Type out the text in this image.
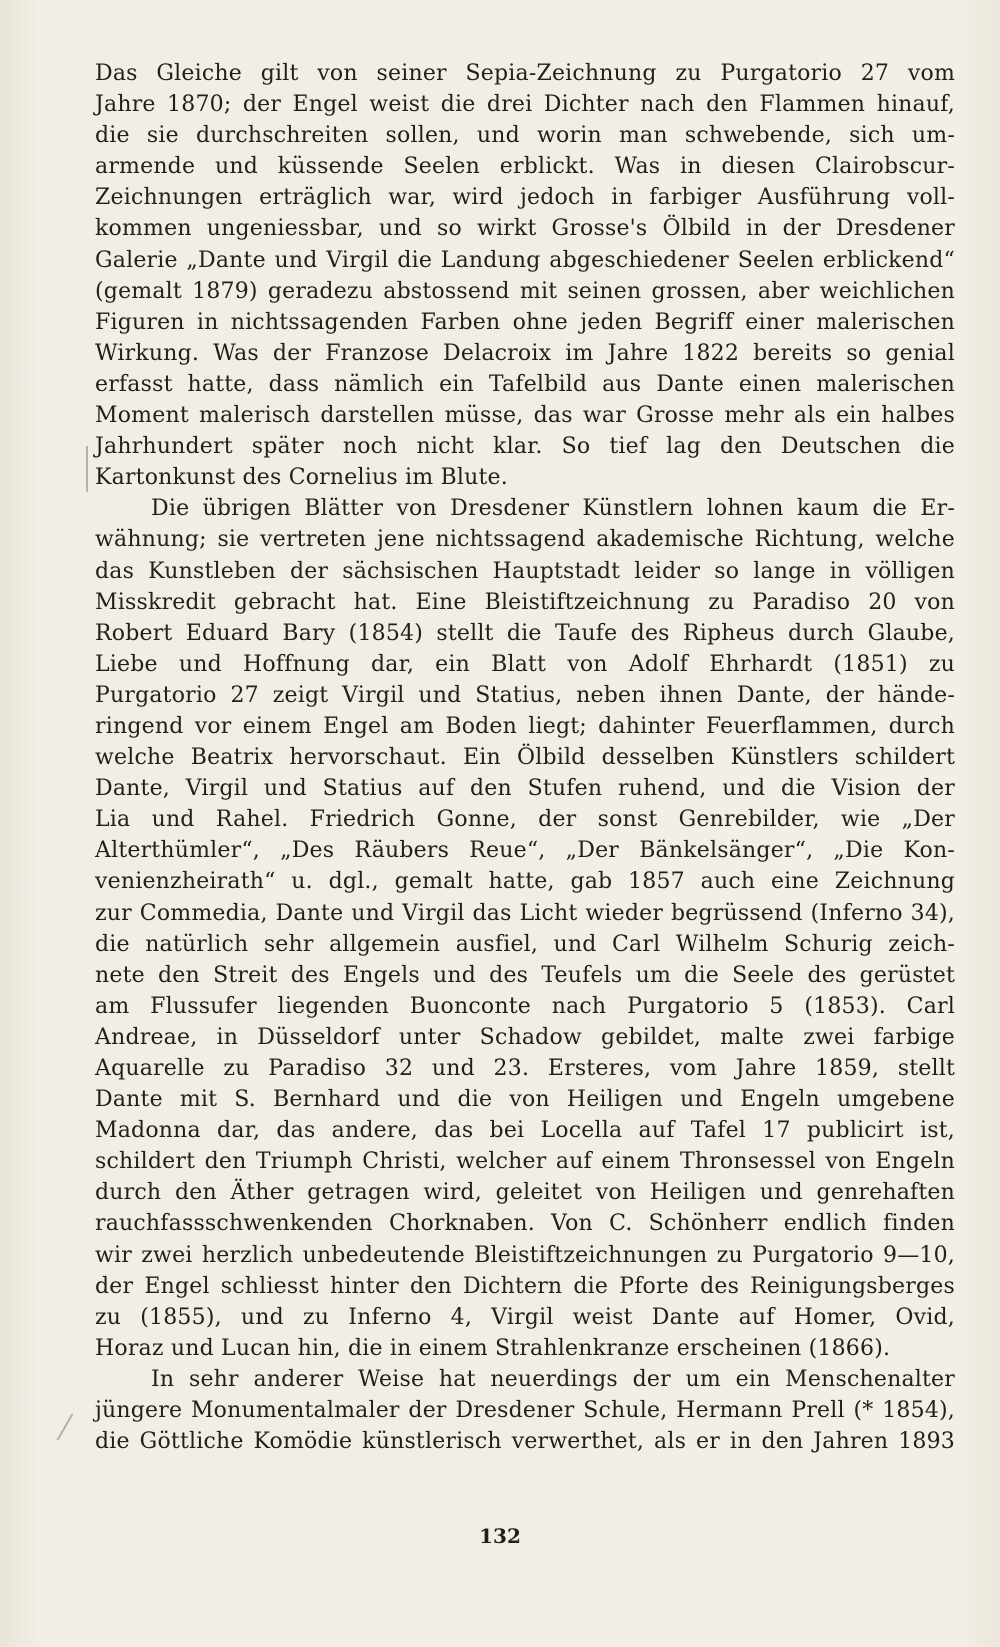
Das Gleiche gilt von seiner Sepia-Zeichnung zu Purgatorio 27 vom
Jahre 1870; der Engel weist die drei Dichter nach den Flammen hinauf,
die sie durchschreiten sollen, und worin man schwebende, sich um-
armende und küssende Seelen erblickt. Was in diesen Clairobscur-
Zeichnungen erträglich war, wird jedoch in farbiger Ausführung voll-
kommen ungeniessbar, und so wirkt Grosse's Ölbild in der Dresdener
Galerie „Dante und Virgil die Landung abgeschiedener Seelen erblickend“
(gemalt 1879) geradezu abstossend mit seinen grossen, aber weichlichen
Figuren in nichtssagenden Farben ohne jeden Begriff einer malerischen
Wirkung. Was der Franzose Delacroix im Jahre 1822 bereits so genial
erfasst hatte, dass nämlich ein Tafelbild aus Dante einen malerischen
Moment malerisch darstellen müsse, das war Grosse mehr als ein halbes
Jahrhundert später noch nicht klar. So tief lag den Deutschen die
Kartonkunst des Cornelius im Blute.
Die übrigen Blätter von Dresdener Künstlern lohnen kaum die Er-
wähnung; sie vertreten jene nichtssagend akademische Richtung, welche
das Kunstleben der sächsischen Hauptstadt leider so lange in völligen
Misskredit gebracht hat. Eine Bleistiftzeichnung zu Paradiso 20 von
Robert Eduard Bary (1854) stellt die Taufe des Ripheus durch Glaube,
Liebe und Hoffnung dar, ein Blatt von Adolf Ehrhardt (1851) zu
Purgatorio 27 zeigt Virgil und Statius, neben ihnen Dante, der hände-
ringend vor einem Engel am Boden liegt; dahinter Feuerflammen, durch
welche Beatrix hervorschaut. Ein Ölbild desselben Künstlers schildert
Dante, Virgil und Statius auf den Stufen ruhend, und die Vision der
Lia und Rahel. Friedrich Gonne, der sonst Genrebilder, wie „Der
Alterthümler“, „Des Räubers Reue“, „Der Bänkelsänger“, „Die Kon-
venienzheirath“ u. dgl., gemalt hatte, gab 1857 auch eine Zeichnung
zur Commedia, Dante und Virgil das Licht wieder begrüssend (Inferno 34),
die natürlich sehr allgemein ausfiel, und Carl Wilhelm Schurig zeich-
nete den Streit des Engels und des Teufels um die Seele des gerüstet
am Flussufer liegenden Buonconte nach Purgatorio 5 (1853). Carl
Andreae, in Düsseldorf unter Schadow gebildet, malte zwei farbige
Aquarelle zu Paradiso 32 und 23. Ersteres, vom Jahre 1859, stellt
Dante mit S. Bernhard und die von Heiligen und Engeln umgebene
Madonna dar, das andere, das bei Locella auf Tafel 17 publicirt ist,
schildert den Triumph Christi, welcher auf einem Thronsessel von Engeln
durch den Äther getragen wird, geleitet von Heiligen und genrehaften
rauchfassschwenkenden Chorknaben. Von C. Schönherr endlich finden
wir zwei herzlich unbedeutende Bleistiftzeichnungen zu Purgatorio 9—10,
der Engel schliesst hinter den Dichtern die Pforte des Reinigungsberges
zu (1855), und zu Inferno 4, Virgil weist Dante auf Homer, Ovid,
Horaz und Lucan hin, die in einem Strahlenkranze erscheinen (1866).
In sehr anderer Weise hat neuerdings der um ein Menschenalter
jüngere Monumentalmaler der Dresdener Schule, Hermann Prell (* 1854),
die Göttliche Komödie künstlerisch verwerthet, als er in den Jahren 1893
132
